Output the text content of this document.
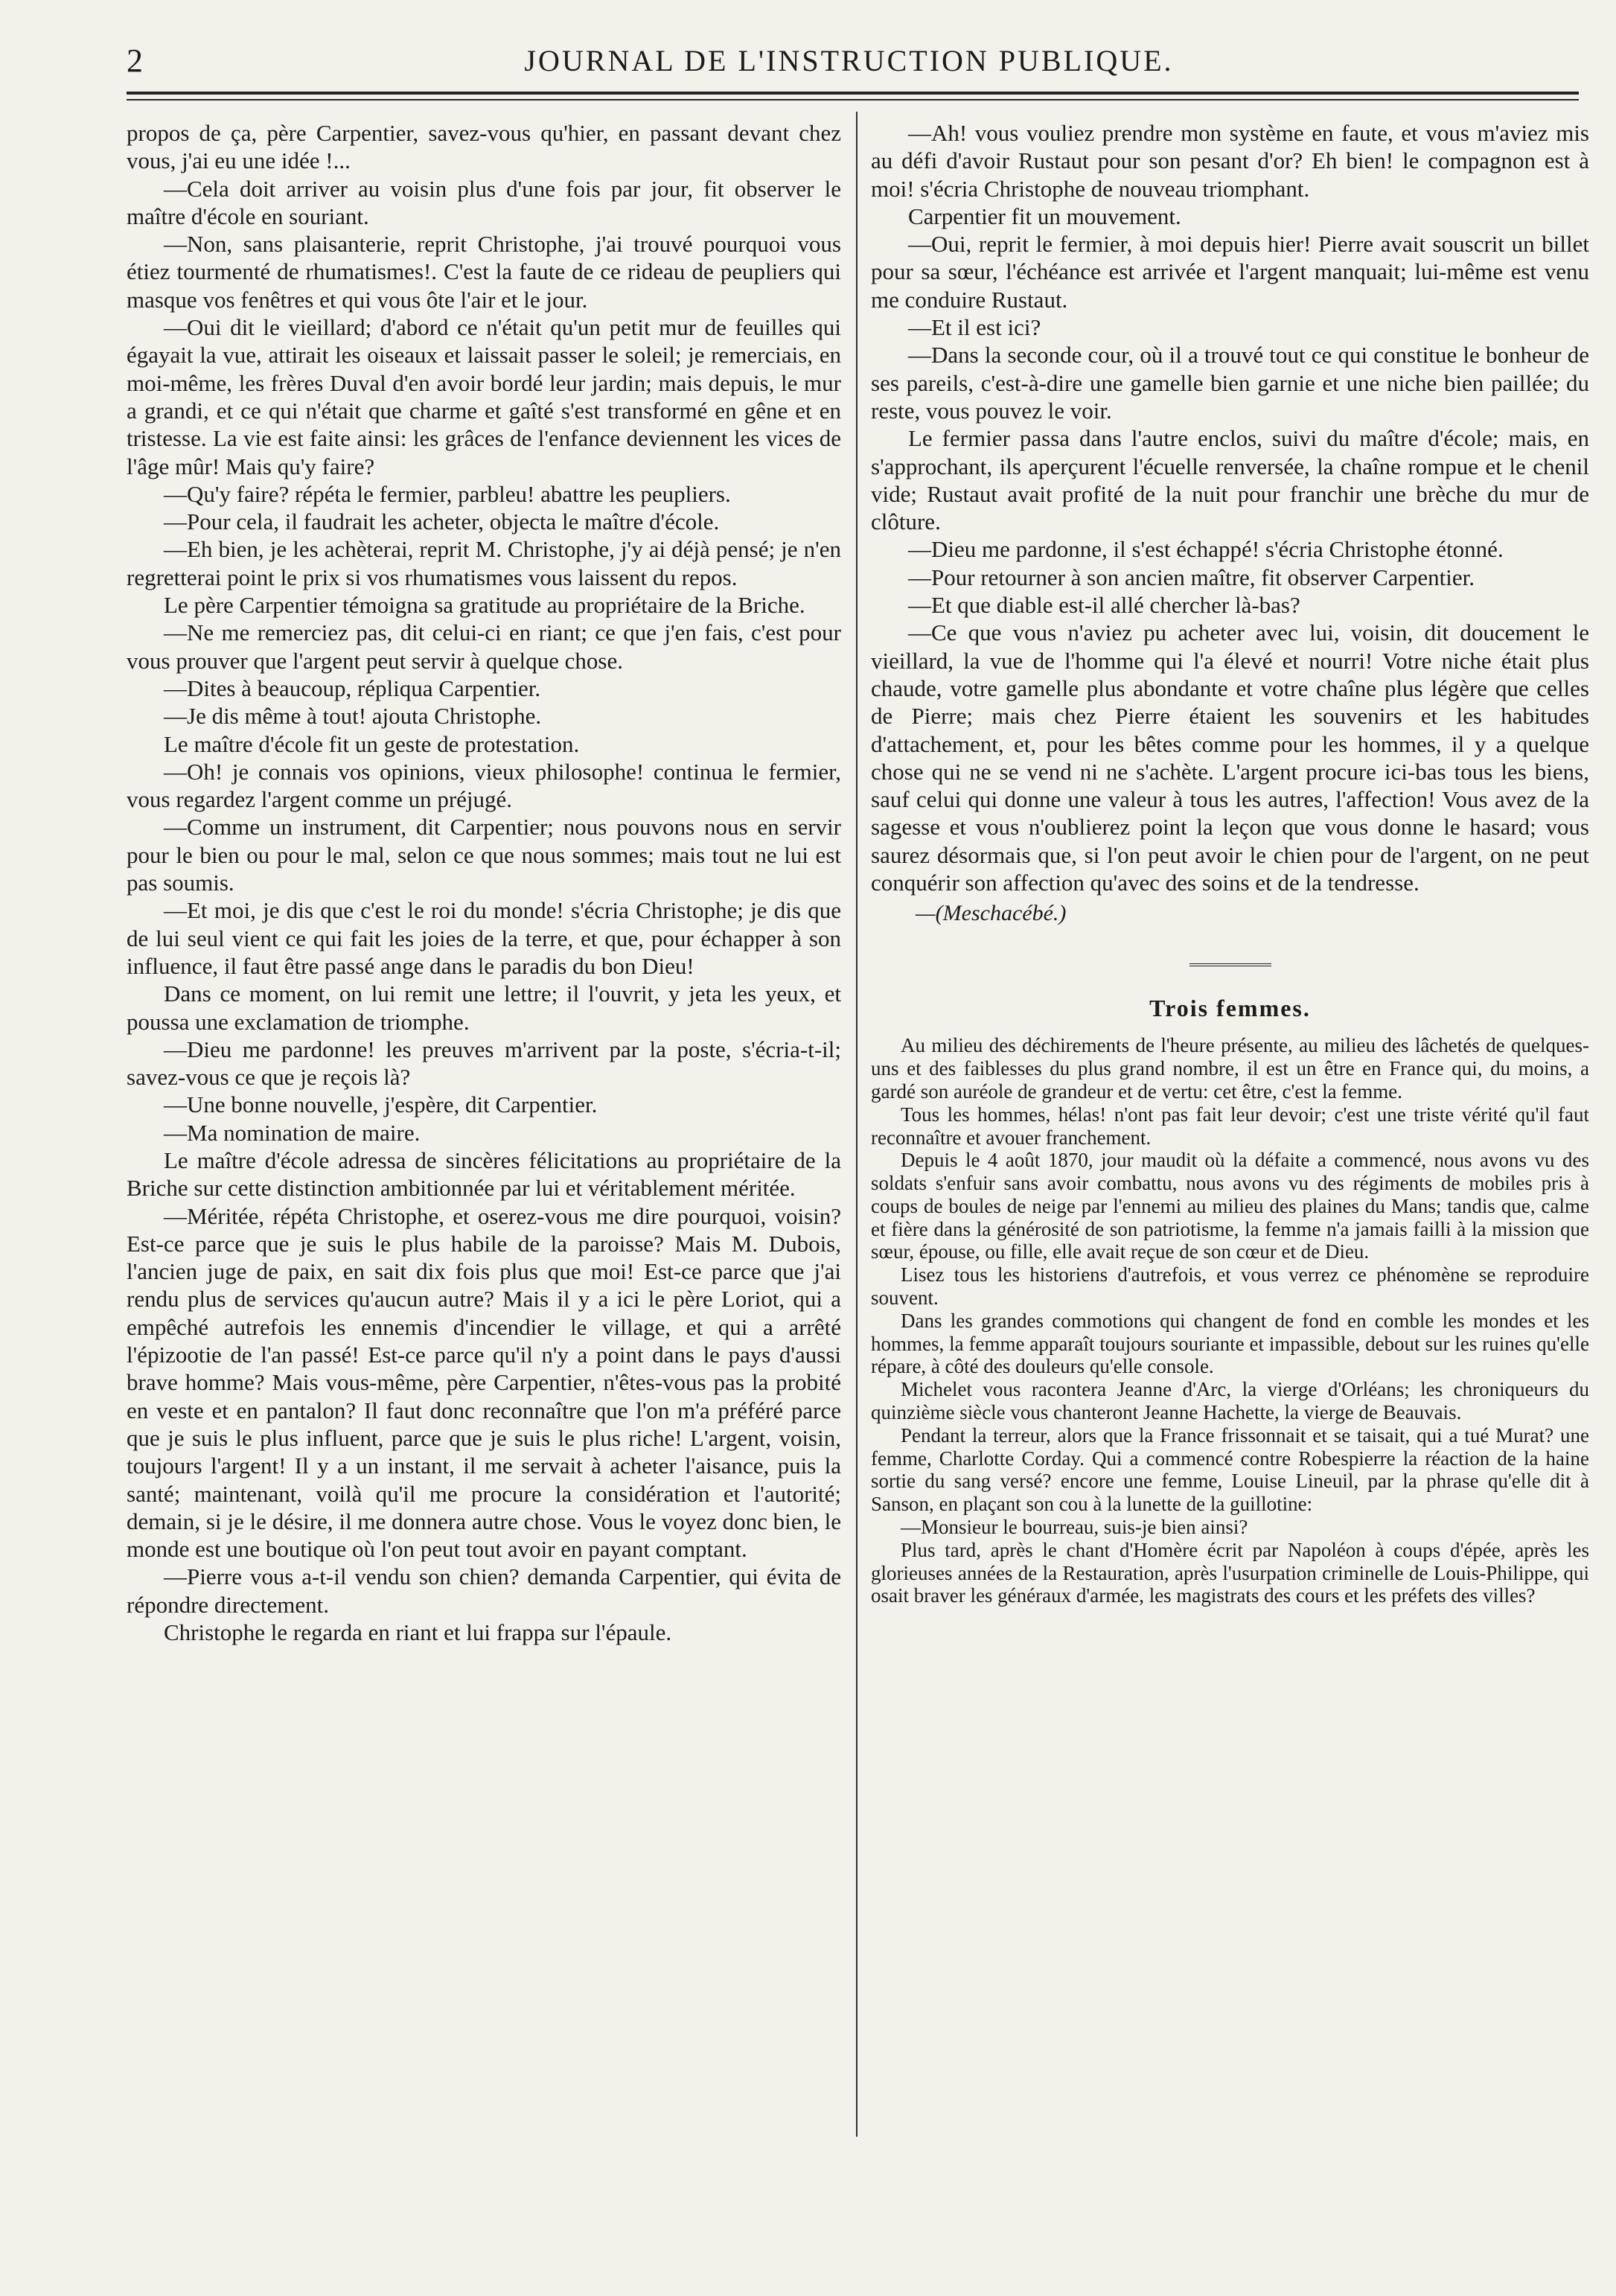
2	JOURNAL DE L'INSTRUCTION PUBLIQUE.

propos de ça, père Carpentier, savez-vous qu'hier, en passant devant chez vous, j'ai eu une idée !...

—Cela doit arriver au voisin plus d'une fois par jour, fit observer le maître d'école en souriant.

—Non, sans plaisanterie, reprit Christophe, j'ai trouvé pourquoi vous étiez tourmenté de rhumatismes!. C'est la faute de ce rideau de peupliers qui masque vos fenêtres et qui vous ôte l'air et le jour.

—Oui dit le vieillard; d'abord ce n'était qu'un petit mur de feuilles qui égayait la vue, attirait les oiseaux et laissait passer le soleil; je remerciais, en moi-même, les frères Duval d'en avoir bordé leur jardin; mais depuis, le mur a grandi, et ce qui n'était que charme et gaîté s'est transformé en gêne et en tristesse. La vie est faite ainsi: les grâces de l'enfance deviennent les vices de l'âge mûr! Mais qu'y faire?

—Qu'y faire? répéta le fermier, parbleu! abattre les peupliers.

—Pour cela, il faudrait les acheter, objecta le maître d'école.

—Eh bien, je les achèterai, reprit M. Christophe, j'y ai déjà pensé; je n'en regretterai point le prix si vos rhumatismes vous laissent du repos.

Le père Carpentier témoigna sa gratitude au propriétaire de la Briche.

—Ne me remerciez pas, dit celui-ci en riant; ce que j'en fais, c'est pour vous prouver que l'argent peut servir à quelque chose.

—Dites à beaucoup, répliqua Carpentier.

—Je dis même à tout! ajouta Christophe.

Le maître d'école fit un geste de protestation.

—Oh! je connais vos opinions, vieux philosophe! continua le fermier, vous regardez l'argent comme un préjugé.

—Comme un instrument, dit Carpentier; nous pouvons nous en servir pour le bien ou pour le mal, selon ce que nous sommes; mais tout ne lui est pas soumis.

—Et moi, je dis que c'est le roi du monde! s'écria Christophe; je dis que de lui seul vient ce qui fait les joies de la terre, et que, pour échapper à son influence, il faut être passé ange dans le paradis du bon Dieu!

Dans ce moment, on lui remit une lettre; il l'ouvrit, y jeta les yeux, et poussa une exclamation de triomphe.

—Dieu me pardonne! les preuves m'arrivent par la poste, s'écria-t-il; savez-vous ce que je reçois là?

—Une bonne nouvelle, j'espère, dit Carpentier.

—Ma nomination de maire.

Le maître d'école adressa de sincères félicitations au propriétaire de la Briche sur cette distinction ambitionnée par lui et véritablement méritée.

—Méritée, répéta Christophe, et oserez-vous me dire pourquoi, voisin? Est-ce parce que je suis le plus habile de la paroisse? Mais M. Dubois, l'ancien juge de paix, en sait dix fois plus que moi! Est-ce parce que j'ai rendu plus de services qu'aucun autre? Mais il y a ici le père Loriot, qui a empêché autrefois les ennemis d'incendier le village, et qui a arrêté l'épizootie de l'an passé! Est-ce parce qu'il n'y a point dans le pays d'aussi brave homme? Mais vous-même, père Carpentier, n'êtes-vous pas la probité en veste et en pantalon? Il faut donc reconnaître que l'on m'a préféré parce que je suis le plus influent, parce que je suis le plus riche! L'argent, voisin, toujours l'argent! Il y a un instant, il me servait à acheter l'aisance, puis la santé; maintenant, voilà qu'il me procure la considération et l'autorité; demain, si je le désire, il me donnera autre chose. Vous le voyez donc bien, le monde est une boutique où l'on peut tout avoir en payant comptant.

—Pierre vous a-t-il vendu son chien? demanda Carpentier, qui évita de répondre directement.

Christophe le regarda en riant et lui frappa sur l'épaule.

—Ah! vous vouliez prendre mon système en faute, et vous m'aviez mis au défi d'avoir Rustaut pour son pesant d'or? Eh bien! le compagnon est à moi! s'écria Christophe de nouveau triomphant.

Carpentier fit un mouvement.

—Oui, reprit le fermier, à moi depuis hier! Pierre avait souscrit un billet pour sa sœur, l'échéance est arrivée et l'argent manquait; lui-même est venu me conduire Rustaut.

—Et il est ici?

—Dans la seconde cour, où il a trouvé tout ce qui constitue le bonheur de ses pareils, c'est-à-dire une gamelle bien garnie et une niche bien paillée; du reste, vous pouvez le voir.

Le fermier passa dans l'autre enclos, suivi du maître d'école; mais, en s'approchant, ils aperçurent l'écuelle renversée, la chaîne rompue et le chenil vide; Rustaut avait profité de la nuit pour franchir une brèche du mur de clôture.

—Dieu me pardonne, il s'est échappé! s'écria Christophe étonné.

—Pour retourner à son ancien maître, fit observer Carpentier.

—Et que diable est-il allé chercher là-bas?

—Ce que vous n'aviez pu acheter avec lui, voisin, dit doucement le vieillard, la vue de l'homme qui l'a élevé et nourri! Votre niche était plus chaude, votre gamelle plus abondante et votre chaîne plus légère que celles de Pierre; mais chez Pierre étaient les souvenirs et les habitudes d'attachement, et, pour les bêtes comme pour les hommes, il y a quelque chose qui ne se vend ni ne s'achète. L'argent procure ici-bas tous les biens, sauf celui qui donne une valeur à tous les autres, l'affection! Vous avez de la sagesse et vous n'oublierez point la leçon que vous donne le hasard; vous saurez désormais que, si l'on peut avoir le chien pour de l'argent, on ne peut conquérir son affection qu'avec des soins et de la tendresse.

—(Meschacébé.)
Trois femmes.

Au milieu des déchirements de l'heure présente, au milieu des lâchetés de quelques-uns et des faiblesses du plus grand nombre, il est un être en France qui, du moins, a gardé son auréole de grandeur et de vertu: cet être, c'est la femme.

Tous les hommes, hélas! n'ont pas fait leur devoir; c'est une triste vérité qu'il faut reconnaître et avouer franchement.

Depuis le 4 août 1870, jour maudit où la défaite a commencé, nous avons vu des soldats s'enfuir sans avoir combattu, nous avons vu des régiments de mobiles pris à coups de boules de neige par l'ennemi au milieu des plaines du Mans; tandis que, calme et fière dans la générosité de son patriotisme, la femme n'a jamais failli à la mission que sœur, épouse, ou fille, elle avait reçue de son cœur et de Dieu.

Lisez tous les historiens d'autrefois, et vous verrez ce phénomène se reproduire souvent.

Dans les grandes commotions qui changent de fond en comble les mondes et les hommes, la femme apparaît toujours souriante et impassible, debout sur les ruines qu'elle répare, à côté des douleurs qu'elle console.

Michelet vous racontera Jeanne d'Arc, la vierge d'Orléans; les chroniqueurs du quinzième siècle vous chanteront Jeanne Hachette, la vierge de Beauvais.

Pendant la terreur, alors que la France frissonnait et se taisait, qui a tué Murat? une femme, Charlotte Corday. Qui a commencé contre Robespierre la réaction de la haine sortie du sang versé? encore une femme, Louise Lineuil, par la phrase qu'elle dit à Sanson, en plaçant son cou à la lunette de la guillotine:

—Monsieur le bourreau, suis-je bien ainsi?

Plus tard, après le chant d'Homère écrit par Napoléon à coups d'épée, après les glorieuses années de la Restauration, après l'usurpation criminelle de Louis-Philippe, qui osait braver les généraux d'armée, les magistrats des cours et les préfets des villes?
